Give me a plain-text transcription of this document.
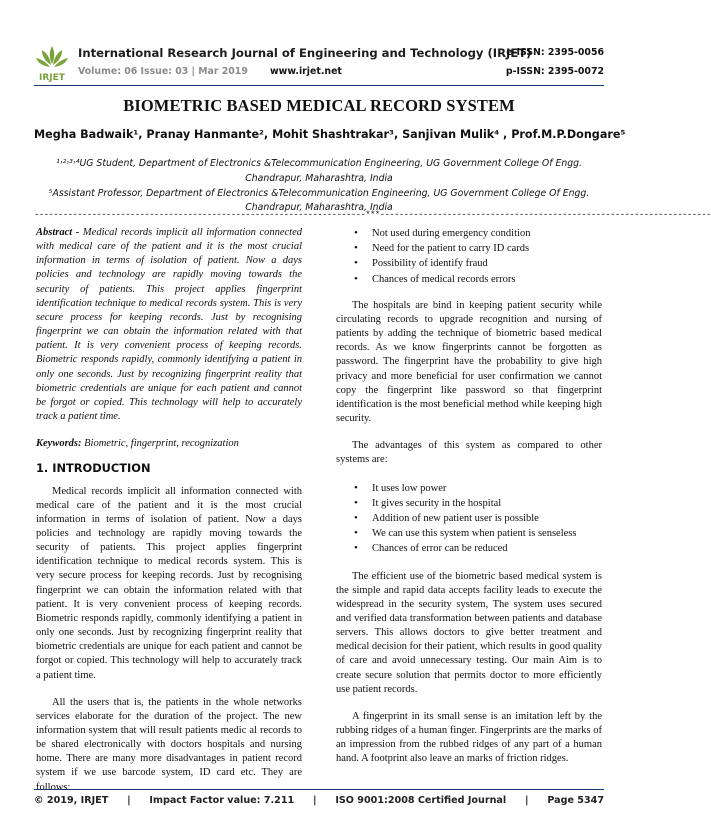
IRJET
International Research Journal of Engineering and Technology (IRJET)
Volume: 06 Issue: 03 | Mar 2019 www.irjet.net
e-ISSN: 2395-0056
p-ISSN: 2395-0072
BIOMETRIC BASED MEDICAL RECORD SYSTEM
Megha Badwaik¹, Pranay Hanmante², Mohit Shashtrakar³, Sanjivan Mulik⁴ , Prof.M.P.Dongare⁵
¹˒²˒³˒⁴UG Student, Department of Electronics &Telecommunication Engineering, UG Government College Of Engg.
Chandrapur, Maharashtra, India
⁵Assistant Professor, Department of Electronics &Telecommunication Engineering, UG Government College Of Engg.
Chandrapur, Maharashtra, India
---------------------------------------------------------------------***---------------------------------------------------------------------

Abstract - Medical records implicit all information connected with medical care of the patient and it is the most crucial information in terms of isolation of patient. Now a days policies and technology are rapidly moving towards the security of patients. This project applies fingerprint identification technique to medical records system. This is very secure process for keeping records. Just by recognising fingerprint we can obtain the information related with that patient. It is very convenient process of keeping records. Biometric responds rapidly, commonly identifying a patient in only one seconds. Just by recognizing fingerprint reality that biometric credentials are unique for each patient and cannot be forgot or copied. This technology will help to accurately track a patient time.

Keywords: Biometric, fingerprint, recognization

1. INTRODUCTION

Medical records implicit all information connected with medical care of the patient and it is the most crucial information in terms of isolation of patient. Now a days policies and technology are rapidly moving towards the security of patients. This project applies fingerprint identification technique to medical records system. This is very secure process for keeping records. Just by recognising fingerprint we can obtain the information related with that patient. It is very convenient process of keeping records. Biometric responds rapidly, commonly identifying a patient in only one seconds. Just by recognizing fingerprint reality that biometric credentials are unique for each patient and cannot be forgot or copied. This technology will help to accurately track a patient time.

All the users that is, the patients in the whole networks services elaborate for the duration of the project. The new information system that will result patients medic al records to be shared electronically with doctors hospitals and nursing home. There are many more disadvantages in patient record system if we use barcode system, ID card etc. They are follows:

• Not used during emergency condition
• Need for the patient to carry ID cards
• Possibility of identify fraud
• Chances of medical records errors

The hospitals are bind in keeping patient security while circulating records to upgrade recognition and nursing of patients by adding the technique of biometric based medical records. As we know fingerprints cannot be forgotten as password. The fingerprint have the probability to give high privacy and more beneficial for user confirmation we cannot copy the fingerprint like password so that fingerprint identification is the most beneficial method while keeping high security.

The advantages of this system as compared to other systems are:

• It uses low power
• It gives security in the hospital
• Addition of new patient user is possible
• We can use this system when patient is senseless
• Chances of error can be reduced

The efficient use of the biometric based medical system is the simple and rapid data accepts facility leads to execute the widespread in the security system, The system uses secured and verified data transformation between patients and database servers. This allows doctors to give better treatment and medical decision for their patient, which results in good quality of care and avoid unnecessary testing. Our main Aim is to create secure solution that permits doctor to more efficiently use patient records.

A fingerprint in its small sense is an imitation left by the rubbing ridges of a human finger. Fingerprints are the marks of an impression from the rubbed ridges of any part of a human hand. A footprint also leave an marks of friction ridges.

© 2019, IRJET | Impact Factor value: 7.211 | ISO 9001:2008 Certified Journal | Page 5347
